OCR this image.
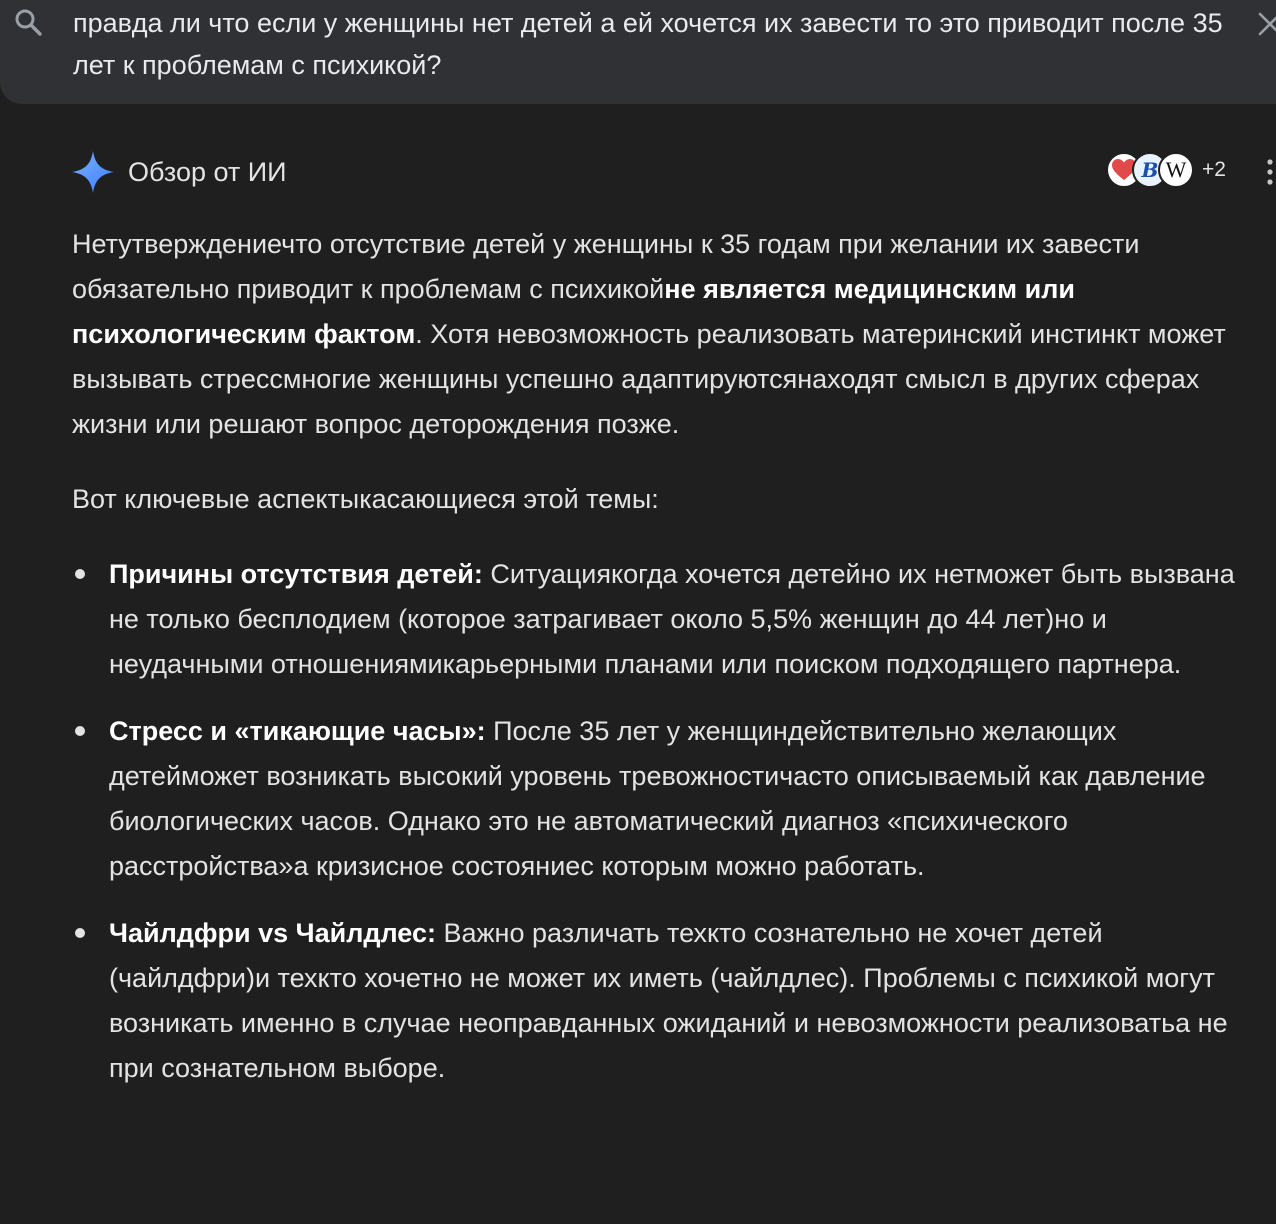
правда ли что если у женщины нет детей а ей хочется их завести то это приводит после 35 лет к проблемам с психикой?
Обзор от ИИ	B W +2

Нетутверждениечто отсутствие детей у женщины к 35 годам при желании их завести обязательно приводит к проблемам с психикойне является медицинским или психологическим фактом. Хотя невозможность реализовать материнский инстинкт может вызывать стрессмногие женщины успешно адаптируютсянаходят смысл в других сферах жизни или решают вопрос деторождения позже.

Вот ключевые аспектыкасающиеся этой темы:

Причины отсутствия детей: Ситуациякогда хочется детейно их нетможет быть вызвана не только бесплодием (которое затрагивает около 5,5% женщин до 44 лет)но и неудачными отношениямикарьерными планами или поиском подходящего партнера.
Стресс и «тикающие часы»: После 35 лет у женщиндействительно желающих детейможет возникать высокий уровень тревожностичасто описываемый как давление биологических часов. Однако это не автоматический диагноз «психического расстройства»а кризисное состояниес которым можно работать.
Чайлдфри vs Чайлдлес: Важно различать техкто сознательно не хочет детей (чайлдфри)и техкто хочетно не может их иметь (чайлдлес). Проблемы с психикой могут возникать именно в случае неоправданных ожиданий и невозможности реализоватьа не при сознательном выборе.
